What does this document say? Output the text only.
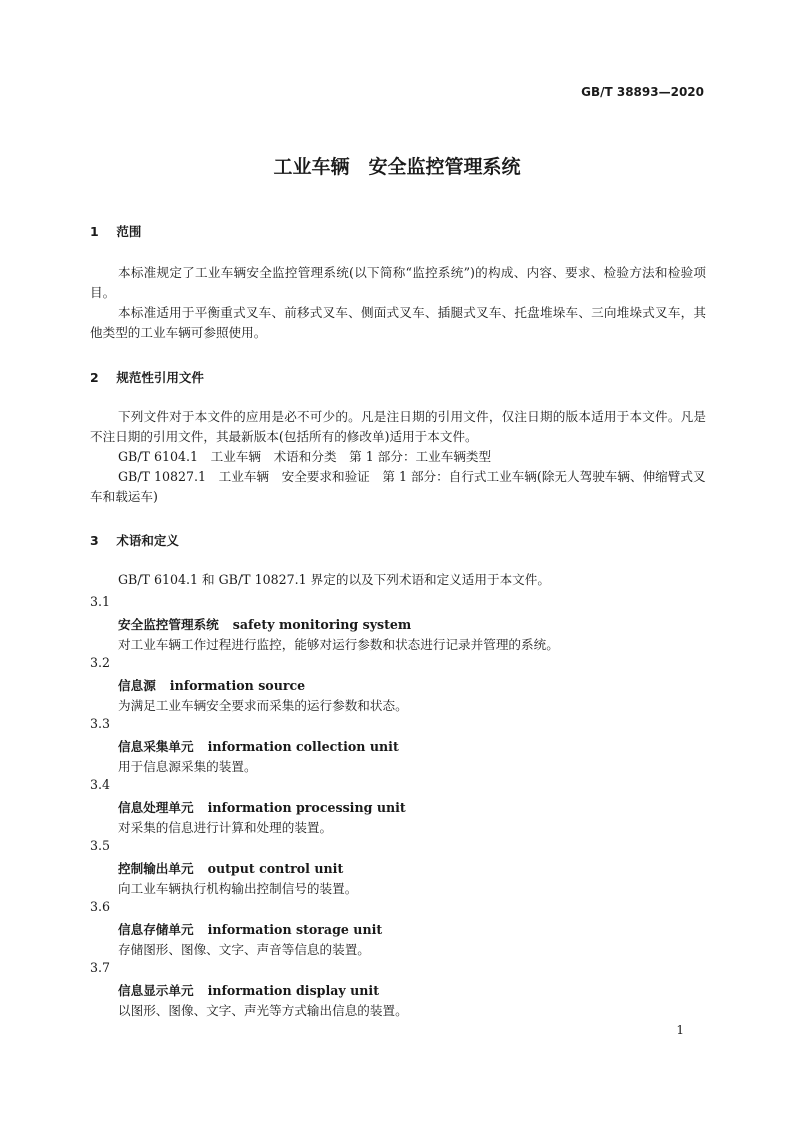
GB/T 38893—2020
工业车辆　安全监控管理系统
1 范围
本标准规定了工业车辆安全监控管理系统(以下简称“监控系统”)的构成、内容、要求、检验方法和检验项目。
本标准适用于平衡重式叉车、前移式叉车、侧面式叉车、插腿式叉车、托盘堆垛车、三向堆垛式叉车，其他类型的工业车辆可参照使用。
2 规范性引用文件
下列文件对于本文件的应用是必不可少的。凡是注日期的引用文件，仅注日期的版本适用于本文件。凡是不注日期的引用文件，其最新版本(包括所有的修改单)适用于本文件。
GB/T 6104.1　工业车辆　术语和分类　第 1 部分：工业车辆类型
GB/T 10827.1　工业车辆　安全要求和验证　第 1 部分：自行式工业车辆(除无人驾驶车辆、伸缩臂式叉车和载运车)
3 术语和定义
GB/T 6104.1 和 GB/T 10827.1 界定的以及下列术语和定义适用于本文件。
3.1
安全监控管理系统 safety monitoring system
对工业车辆工作过程进行监控，能够对运行参数和状态进行记录并管理的系统。
3.2
信息源 information source
为满足工业车辆安全要求而采集的运行参数和状态。
3.3
信息采集单元 information collection unit
用于信息源采集的装置。
3.4
信息处理单元 information processing unit
对采集的信息进行计算和处理的装置。
3.5
控制输出单元 output control unit
向工业车辆执行机构输出控制信号的装置。
3.6
信息存储单元 information storage unit
存储图形、图像、文字、声音等信息的装置。
3.7
信息显示单元 information display unit
以图形、图像、文字、声光等方式输出信息的装置。
1
